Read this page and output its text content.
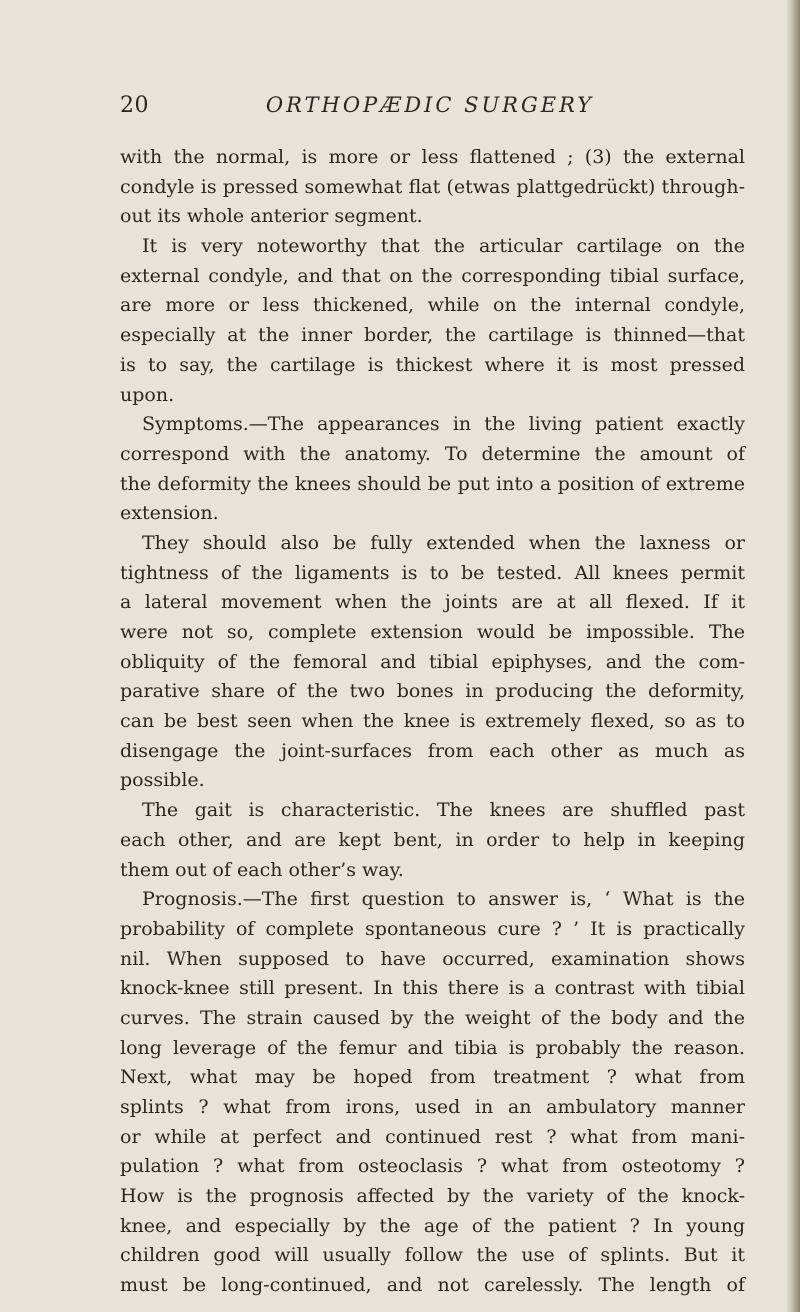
20	ORTHOPÆDIC SURGERY
with the normal, is more or less flattened ; (3) the external
condyle is pressed somewhat flat (etwas plattgedrückt) through-
out its whole anterior segment.
It is very noteworthy that the articular cartilage on the
external condyle, and that on the corresponding tibial surface,
are more or less thickened, while on the internal condyle,
especially at the inner border, the cartilage is thinned—that
is to say, the cartilage is thickest where it is most pressed
upon.
Symptoms.—The appearances in the living patient exactly
correspond with the anatomy. To determine the amount of
the deformity the knees should be put into a position of extreme
extension.
They should also be fully extended when the laxness or
tightness of the ligaments is to be tested. All knees permit
a lateral movement when the joints are at all flexed. If it
were not so, complete extension would be impossible. The
obliquity of the femoral and tibial epiphyses, and the com-
parative share of the two bones in producing the deformity,
can be best seen when the knee is extremely flexed, so as to
disengage the joint-surfaces from each other as much as
possible.
The gait is characteristic. The knees are shuffled past
each other, and are kept bent, in order to help in keeping
them out of each other’s way.
Prognosis.—The first question to answer is, ‘ What is the
probability of complete spontaneous cure ? ’ It is practically
nil. When supposed to have occurred, examination shows
knock-knee still present. In this there is a contrast with tibial
curves. The strain caused by the weight of the body and the
long leverage of the femur and tibia is probably the reason.
Next, what may be hoped from treatment ? what from
splints ? what from irons, used in an ambulatory manner
or while at perfect and continued rest ? what from mani-
pulation ? what from osteoclasis ? what from osteotomy ?
How is the prognosis affected by the variety of the knock-
knee, and especially by the age of the patient ? In young
children good will usually follow the use of splints. But it
must be long-continued, and not carelessly. The length of
